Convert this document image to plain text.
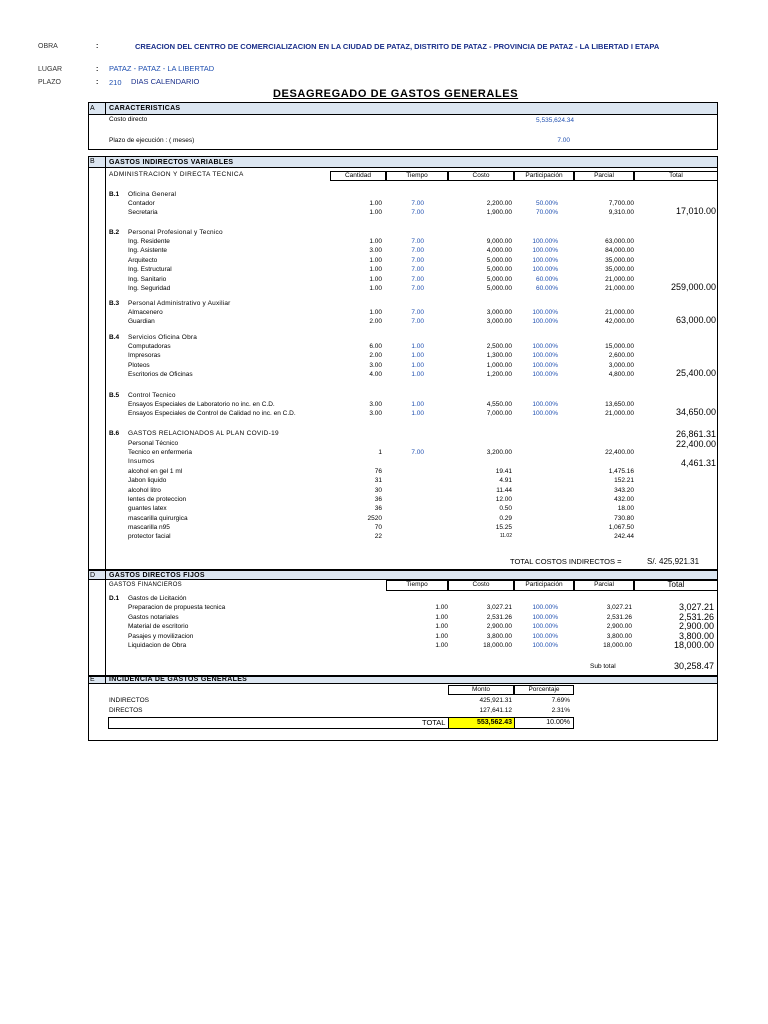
OBRA	:	CREACION DEL CENTRO DE COMERCIALIZACION EN LA CIUDAD DE PATAZ, DISTRITO DE PATAZ - PROVINCIA DE PATAZ - LA LIBERTAD I ETAPA
LUGAR	: PATAZ - PATAZ - LA LIBERTAD
PLAZO	: 210 DIAS CALENDARIO
DESAGREGADO DE GASTOS GENERALES
A CARACTERISTICAS
Costo directo	5,535,624.34
Plazo de ejecución : ( meses)	7.00
B GASTOS INDIRECTOS VARIABLES
ADMINISTRACION Y DIRECTA TECNICA	Cantidad	Tiempo	Costo	Participación	Parcial	Total
B.1 Oficina General
Contador	1.00	7.00	2,200.00	50.00%	7,700.00
Secretaria	1.00	7.00	1,900.00	70.00%	9,310.00	17,010.00
B.2 Personal Profesional y Tecnico
Ing. Residente	1.00	7.00	9,000.00	100.00%	63,000.00
Ing. Asistente	3.00	7.00	4,000.00	100.00%	84,000.00
Arquitecto	1.00	7.00	5,000.00	100.00%	35,000.00
Ing. Estructural	1.00	7.00	5,000.00	100.00%	35,000.00
Ing. Sanitario	1.00	7.00	5,000.00	60.00%	21,000.00
Ing. Seguridad	1.00	7.00	5,000.00	60.00%	21,000.00	259,000.00
B.3 Personal Administrativo y Auxiliar
Almacenero	1.00	7.00	3,000.00	100.00%	21,000.00
Guardian	2.00	7.00	3,000.00	100.00%	42,000.00	63,000.00
B.4 Servicios Oficina Obra
Computadoras	6.00	1.00	2,500.00	100.00%	15,000.00
Impresoras	2.00	1.00	1,300.00	100.00%	2,600.00
Ploteos	3.00	1.00	1,000.00	100.00%	3,000.00
Escritorios de Oficinas	4.00	1.00	1,200.00	100.00%	4,800.00	25,400.00
B.5 Control Tecnico
Ensayos Especiales de Laboratorio no inc. en C.D.	3.00	1.00	4,550.00	100.00%	13,650.00
Ensayos Especiales de Control de Calidad no inc. en C.D.	3.00	1.00	7,000.00	100.00%	21,000.00	34,650.00
B.6 GASTOS RELACIONADOS AL PLAN COVID-19	26,861.31
Personal Técnico	22,400.00
Tecnico en enfermeria	1	7.00	3,200.00	22,400.00
Insumos	4,461.31
alcohol en gel 1 ml	76	19.41	1,475.16
Jabon liquido	31	4.91	152.21
alcohol litro	30	11.44	343.20
lentes de proteccion	36	12.00	432.00
guantes latex	36	0.50	18.00
mascarilla quirurgica	2520	0.29	730.80
mascarilla n95	70	15.25	1,067.50
protector facial	22	11.02	242.44
TOTAL COSTOS INDIRECTOS =	S/. 425,921.31
D GASTOS DIRECTOS FIJOS
GASTOS FINANCIEROS	Tiempo	Costo	Participación	Parcial	Total
D.1 Gastos de Licitación
Preparacion de propuesta tecnica	1.00	3,027.21	100.00%	3,027.21	3,027.21
Gastos notariales	1.00	2,531.26	100.00%	2,531.26	2,531.26
Material de escritorio	1.00	2,900.00	100.00%	2,900.00	2,900.00
Pasajes y movilizacion	1.00	3,800.00	100.00%	3,800.00	3,800.00
Liquidacion de Obra	1.00	18,000.00	100.00%	18,000.00	18,000.00
Sub total	30,258.47
E INCIDENCIA DE GASTOS GENERALES
Monto	Porcentaje
INDIRECTOS	425,921.31	7.69%
DIRECTOS	127,641.12	2.31%
TOTAL	553,562.43	10.00%
